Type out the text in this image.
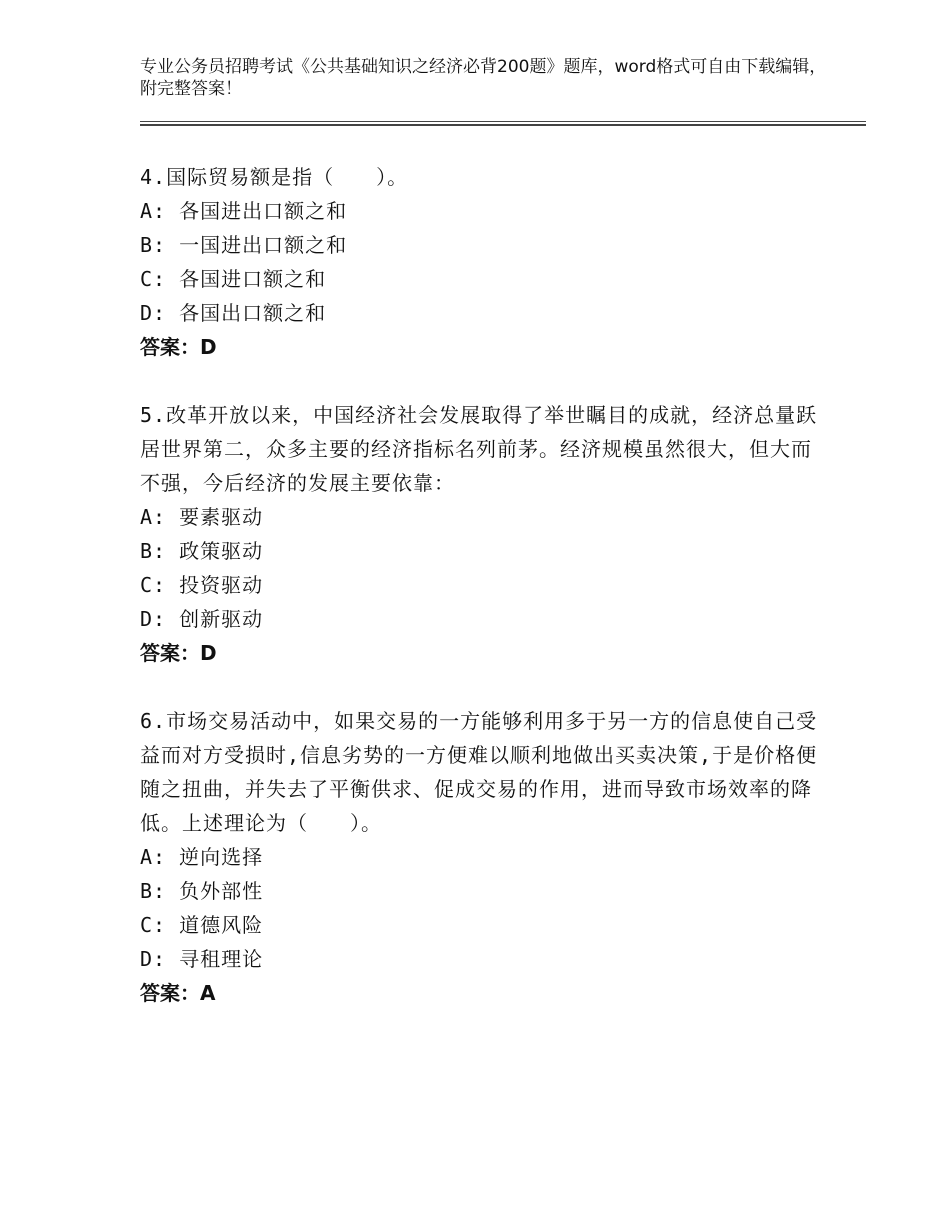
专业公务员招聘考试《公共基础知识之经济必背200题》题库，word格式可自由下载编辑，附完整答案！
4.国际贸易额是指（　　）。
A: 各国进出口额之和
B: 一国进出口额之和
C: 各国进口额之和
D: 各国出口额之和
答案：D
5.改革开放以来，中国经济社会发展取得了举世瞩目的成就，经济总量跃居世界第二，众多主要的经济指标名列前茅。经济规模虽然很大，但大而不强，今后经济的发展主要依靠：
A: 要素驱动
B: 政策驱动
C: 投资驱动
D: 创新驱动
答案：D
6.市场交易活动中，如果交易的一方能够利用多于另一方的信息使自己受益而对方受损时,信息劣势的一方便难以顺利地做出买卖决策,于是价格便随之扭曲，并失去了平衡供求、促成交易的作用，进而导致市场效率的降低。上述理论为（　　）。
A: 逆向选择
B: 负外部性
C: 道德风险
D: 寻租理论
答案：A
